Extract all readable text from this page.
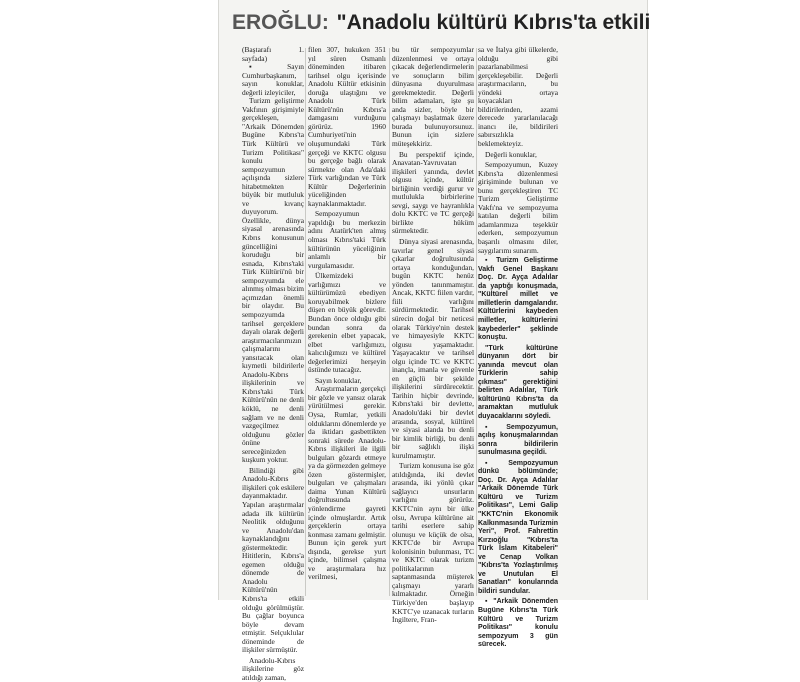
EROĞLU: "Anadolu kültürü Kıbrıs'ta etkili

(Baştarafı 1. sayfada)

▪ Sayın Cumhurbaşkanım, sayın konuklar, değerli izleyiciler,

Turizm geliştirme Vakfının girişimiyle gerçekleşen, "Arkaik Dönemden Bugüne Kıbrıs'ta Türk Kültürü ve Turizm Politikası" konulu sempozyumun açılışında sizlere hitabetmekten büyük bir mutluluk ve kıvanç duyuyorum. Özellikle, dünya siyasal arenasında Kıbrıs konusunun güncelliğini koruduğu bir esnada, Kıbrıs'taki Türk Kültürü'nü bir sempozyumda ele alınmış olması bizim açımızdan önemli bir olaydır. Bu sempozyumda tarihsel gerçeklere dayalı olarak değerli araştırmacılarımızın çalışmalarını yansıtacak olan kıymetli bildirilerle Anadolu-Kıbrıs ilişkilerinin ve Kıbrıs'taki Türk Kültürü'nün ne denli köklü, ne denli sağlam ve ne denli vazgeçilmez olduğunu gözler önüne sereceğinizden kuşkum yoktur.

Bilindiği gibi Anadolu-Kıbrıs ilişkileri çok eskilere dayanmaktadır. Yapılan araştırmalar adada ilk kültürün Neolitik olduğunu ve Anadolu'dan kaynaklandığını göstermektedir. Hititlerin, Kıbrıs'a egemen olduğu dönemde de Anadolu Kültürü'nün Kıbrıs'ta etkili olduğu görülmüştür. Bu çağlar boyunca böyle devam etmiştir. Selçuklular döneminde de ilişkiler sürmüştür.

Anadolu-Kıbrıs ilişkilerine göz atıldığı zaman,

filen 307, hukuken 351 yıl süren Osmanlı döneminden itibaren tarihsel olgu içerisinde Anadolu Kültür etkisinin doruğa ulaştığını ve Anadolu Türk Kültürü'nün Kıbrıs'a damgasını vurduğunu görürüz. 1960 Cumhuriyeti'nin oluşumundaki Türk gerçeği ve KKTC olgusu bu gerçeğe bağlı olarak sürmekte olan Ada'daki Türk varlığından ve Türk Kültür Değerlerinin yüceliğinden kaynaklanmaktadır.

Sempozyumun yapıldığı bu merkezin adını Atatürk'ten almış olması Kıbrıs'taki Türk kültürünün yüceliğinin anlamlı bir vurgulamasıdır.

Ülkemizdeki varlığımızı ve kültürümüzü ebediyen koruyabilmek bizlere düşen en büyük görevdir. Bundan önce olduğu gibi bundan sonra da gerekenin elbet yapacak, elbet varlığımızı, kalıcılığımızı ve kültürel değerlerimizi herşeyin üstünde tutacağız.

Sayın konuklar,

Araştırmaların gerçekçi bir gözle ve yansız olarak yürütülmesi gerekir. Oysa, Rumlar, yetkili olduklarını dönemlerde ye da iktidarı gasbettikten sonraki sürede Anadolu-Kıbrıs ilişkileri ile ilgili bulguları gözardı etmeye ya da görmezden gelmeye özen göstermişler, bulguları ve çalışmaları daima Yunan Kültürü doğrultusunda yönlendirme gayreti içinde olmuşlardır. Artık gerçeklerin ortaya konması zamanı gelmiştir. Bunun için gerek yurt dışında, gerekse yurt içinde, bilimsel çalışma ve araştırmalara hız verilmesi,

bu tür sempozyumlar düzenlenmesi ve ortaya çıkacak değerlendirmelerin ve sonuçların bilim dünyasına duyurulması gerekmektedir. Değerli bilim adamaları, işte şu anda sizler, böyle bir çalışmayı başlatmak üzere burada bulunuyorsunuz. Bunun için sizlere müteşekkiriz.

Bu perspektif içinde, Anavatan-Yavruvatan ilişkileri yanında, devlet olgusu içinde, kültür birliğinin verdiği gurur ve mutlulukla birbirlerine sevgi, saygı ve hayranlıkla dolu KKTC ve TC gerçeği birlikte hüküm sürmektedir.

Dünya siyasi arenasında, tavırlar genel siyasi çıkarlar doğrultusunda ortaya konduğundan, bugün KKTC henüz yönden tanınmamıştır. Ancak, KKTC fiilen vardır, fiili varlığını sürdürmektedir. Tarihsel sürecin doğal bir neticesi olarak Türkiye'nin destek ve himayesiyle KKTC olgusu yaşamaktadır. Yaşayacaktır ve tarihsel olgu içinde TC ve KKTC inançla, imanla ve güvenle en güçlü bir şekilde ilişkilerini sürdürecektir. Tarihin hiçbir devrinde, Kıbrıs'taki bir devlette, Anadolu'daki bir devlet arasında, sosyal, kültürel ve siyasi alanda bu denli bir kimlik birliği, bu denli bir sağlıklı ilişki kurulmamıştır.

Turizm konusuna ise göz atıldığında, iki devlet arasında, iki yönlü çıkar sağlayıcı unsurların varlığını görürüz. KKTC'nin aynı bir ülke olsu, Avrupa kültürüne ait tarihi eserlere sahip olunuşu ve küçük de olsa, KKTC'de bir Avrupa kolonisinin bulunması, TC ve KKTC olarak turizm politikalarının saptanmasında müşterek çalışmayı yararlı kılmaktadır. Örneğin Türkiye'den başlayıp KKTC'ye uzanacak turların İngiltere, Fran-

sa ve İtalya gibi ülkelerde, olduğu gibi pazarlanabilmesi gerçekleşebilir. Değerli araştırmacıların, bu yöndeki ortaya koyacakları bildirilerinden, azami derecede yararlanılacağı inancı ile, bildirileri sabırsızlıkla beklemekteyiz.

Değerli konuklar,

Sempozyumun, Kuzey Kıbrıs'ta düzenlenmesi girişiminde bulunan ve bunu gerçekleştiren TC Turizm Geliştirme Vakfı'na ve sempozyuma katılan değerli bilim adamlarımıza teşekkür ederken, sempozyumun başarılı olmasını diler, saygılarımı sunarım.

▪ Turizm Geliştirme Vakfı Genel Başkanı Doç. Dr. Ayça Adalılar da yaptığı konuşmada, "Kültürel millet ve milletlerin damgalarıdır. Kültürlerini kaybeden milletler, kültürlerini kaybederler" şeklinde konuştu.

"Türk kültürüne dünyanın dört bir yanında mevcut olan Türklerin sahip çıkması" gerektiğini belirten Adalılar, Türk kültürünü Kıbrıs'ta da aramaktan mutluluk duyacaklarını söyledi.

▪ Sempozyumun, açılış konuşmalarından sonra bildirilerin sunulmasına geçildi.

▪ Sempozyumun dünkü bölümünde; Doç. Dr. Ayça Adalılar "Arkaik Dönemde Türk Kültürü ve Turizm Politikası", Lemi Galip "KKTC'nin Ekonomik Kalkınmasında Turizmin Yeri", Prof. Fahrettin Kırzıoğlu "Kıbrıs'ta Türk İslam Kitabeleri" ve Cenap Volkan "Kıbrıs'ta Yozlaştırılmış ve Unutulan El Sanatları" konularında bildiri sundular.

▪ "Arkaik Dönemden Bugüne Kıbrıs'ta Türk Kültürü ve Turizm Politikası" konulu sempozyum 3 gün sürecek.
